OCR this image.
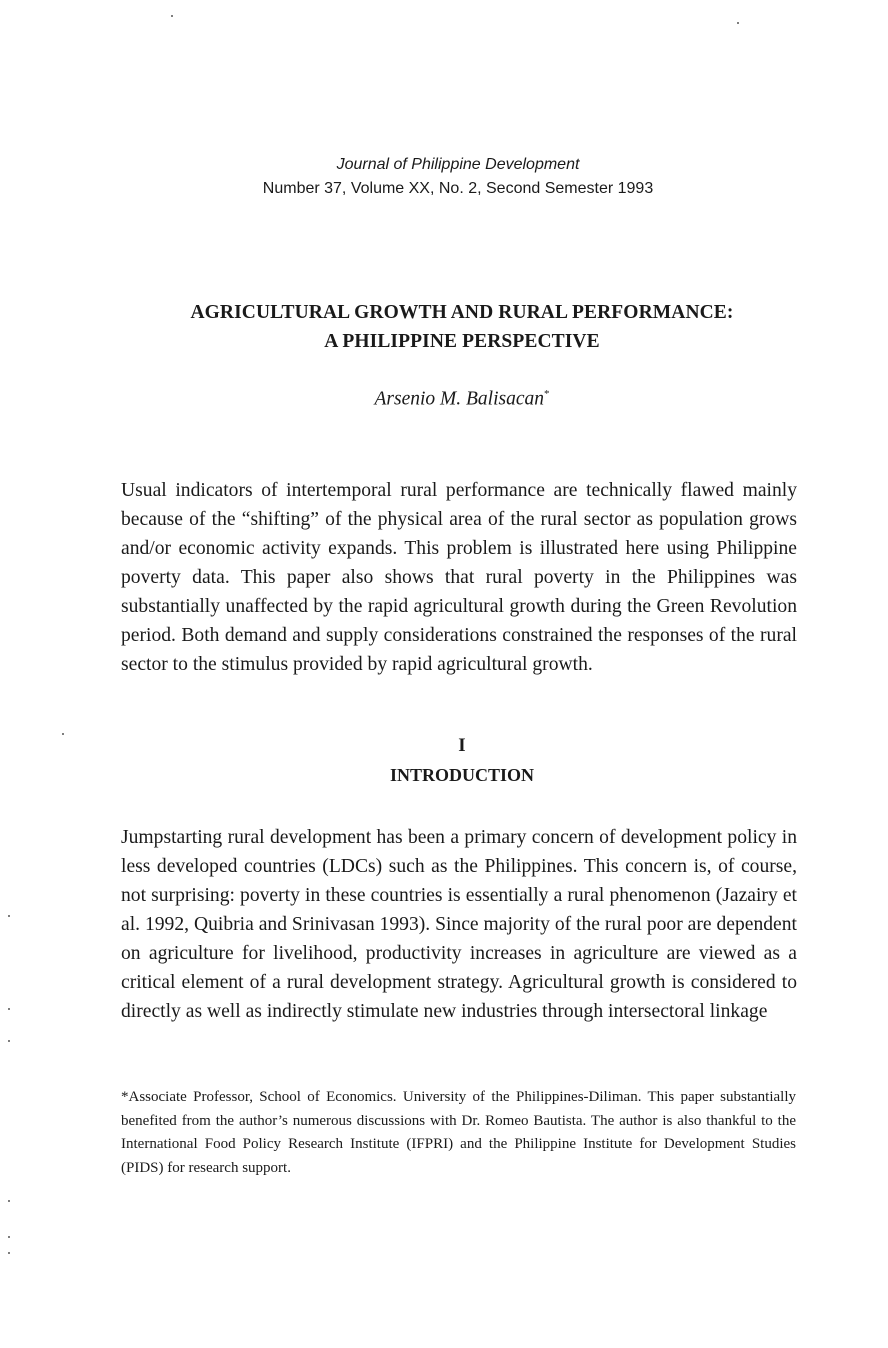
Journal of Philippine Development
Number 37, Volume XX, No. 2, Second Semester 1993
AGRICULTURAL GROWTH AND RURAL PERFORMANCE:
A PHILIPPINE PERSPECTIVE
Arsenio M. Balisacan*

Usual indicators of intertemporal rural performance are technically flawed mainly because of the “shifting” of the physical area of the rural sector as population grows and/or economic activity expands. This problem is illustrated here using Philippine poverty data. This paper also shows that rural poverty in the Philippines was substantially unaffected by the rapid agricultural growth during the Green Revolution period. Both demand and supply considerations constrained the responses of the rural sector to the stimulus provided by rapid agricultural growth.

I
INTRODUCTION

Jumpstarting rural development has been a primary concern of development policy in less developed countries (LDCs) such as the Philippines. This concern is, of course, not surprising: poverty in these countries is essentially a rural phenomenon (Jazairy et al. 1992, Quibria and Srinivasan 1993). Since majority of the rural poor are dependent on agriculture for livelihood, productivity increases in agriculture are viewed as a critical element of a rural development strategy. Agricultural growth is considered to directly as well as indirectly stimulate new industries through intersectoral linkage

*Associate Professor, School of Economics. University of the Philippines-Diliman. This paper substantially benefited from the author’s numerous discussions with Dr. Romeo Bautista. The author is also thankful to the International Food Policy Research Institute (IFPRI) and the Philippine Institute for Development Studies (PIDS) for research support.
